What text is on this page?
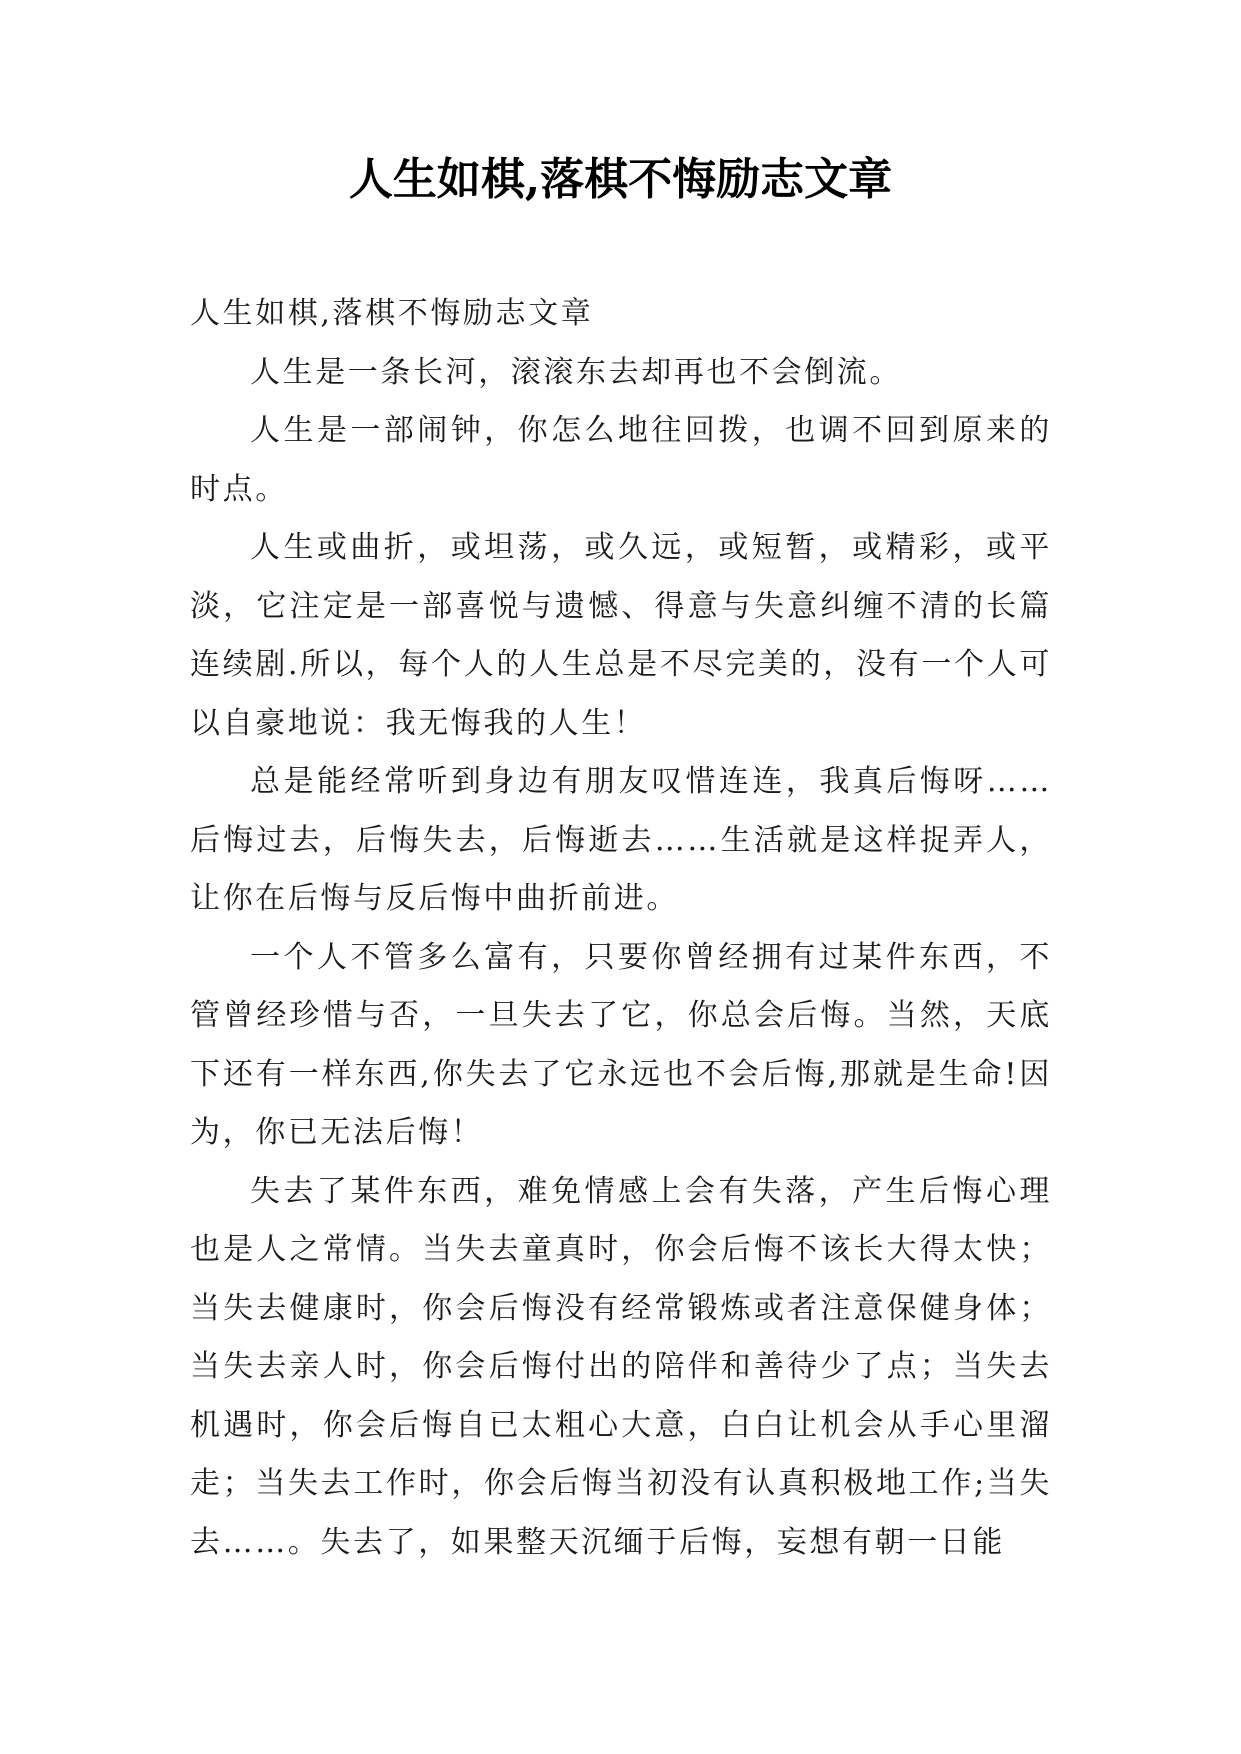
人生如棋,落棋不悔励志文章

人生如棋,落棋不悔励志文章

人生是一条长河，滚滚东去却再也不会倒流。

人生是一部闹钟，你怎么地往回拨，也调不回到原来的时点。

人生或曲折，或坦荡，或久远，或短暂，或精彩，或平淡，它注定是一部喜悦与遗憾、得意与失意纠缠不清的长篇连续剧.所以，每个人的人生总是不尽完美的，没有一个人可以自豪地说：我无悔我的人生！

总是能经常听到身边有朋友叹惜连连，我真后悔呀……后悔过去，后悔失去，后悔逝去……生活就是这样捉弄人，让你在后悔与反后悔中曲折前进。

一个人不管多么富有，只要你曾经拥有过某件东西，不管曾经珍惜与否，一旦失去了它，你总会后悔。当然，天底下还有一样东西,你失去了它永远也不会后悔,那就是生命!因为，你已无法后悔！

失去了某件东西，难免情感上会有失落，产生后悔心理也是人之常情。当失去童真时，你会后悔不该长大得太快；当失去健康时，你会后悔没有经常锻炼或者注意保健身体；当失去亲人时，你会后悔付出的陪伴和善待少了点；当失去机遇时，你会后悔自已太粗心大意，白白让机会从手心里溜走；当失去工作时，你会后悔当初没有认真积极地工作;当失去……。失去了，如果整天沉缅于后悔，妄想有朝一日能
